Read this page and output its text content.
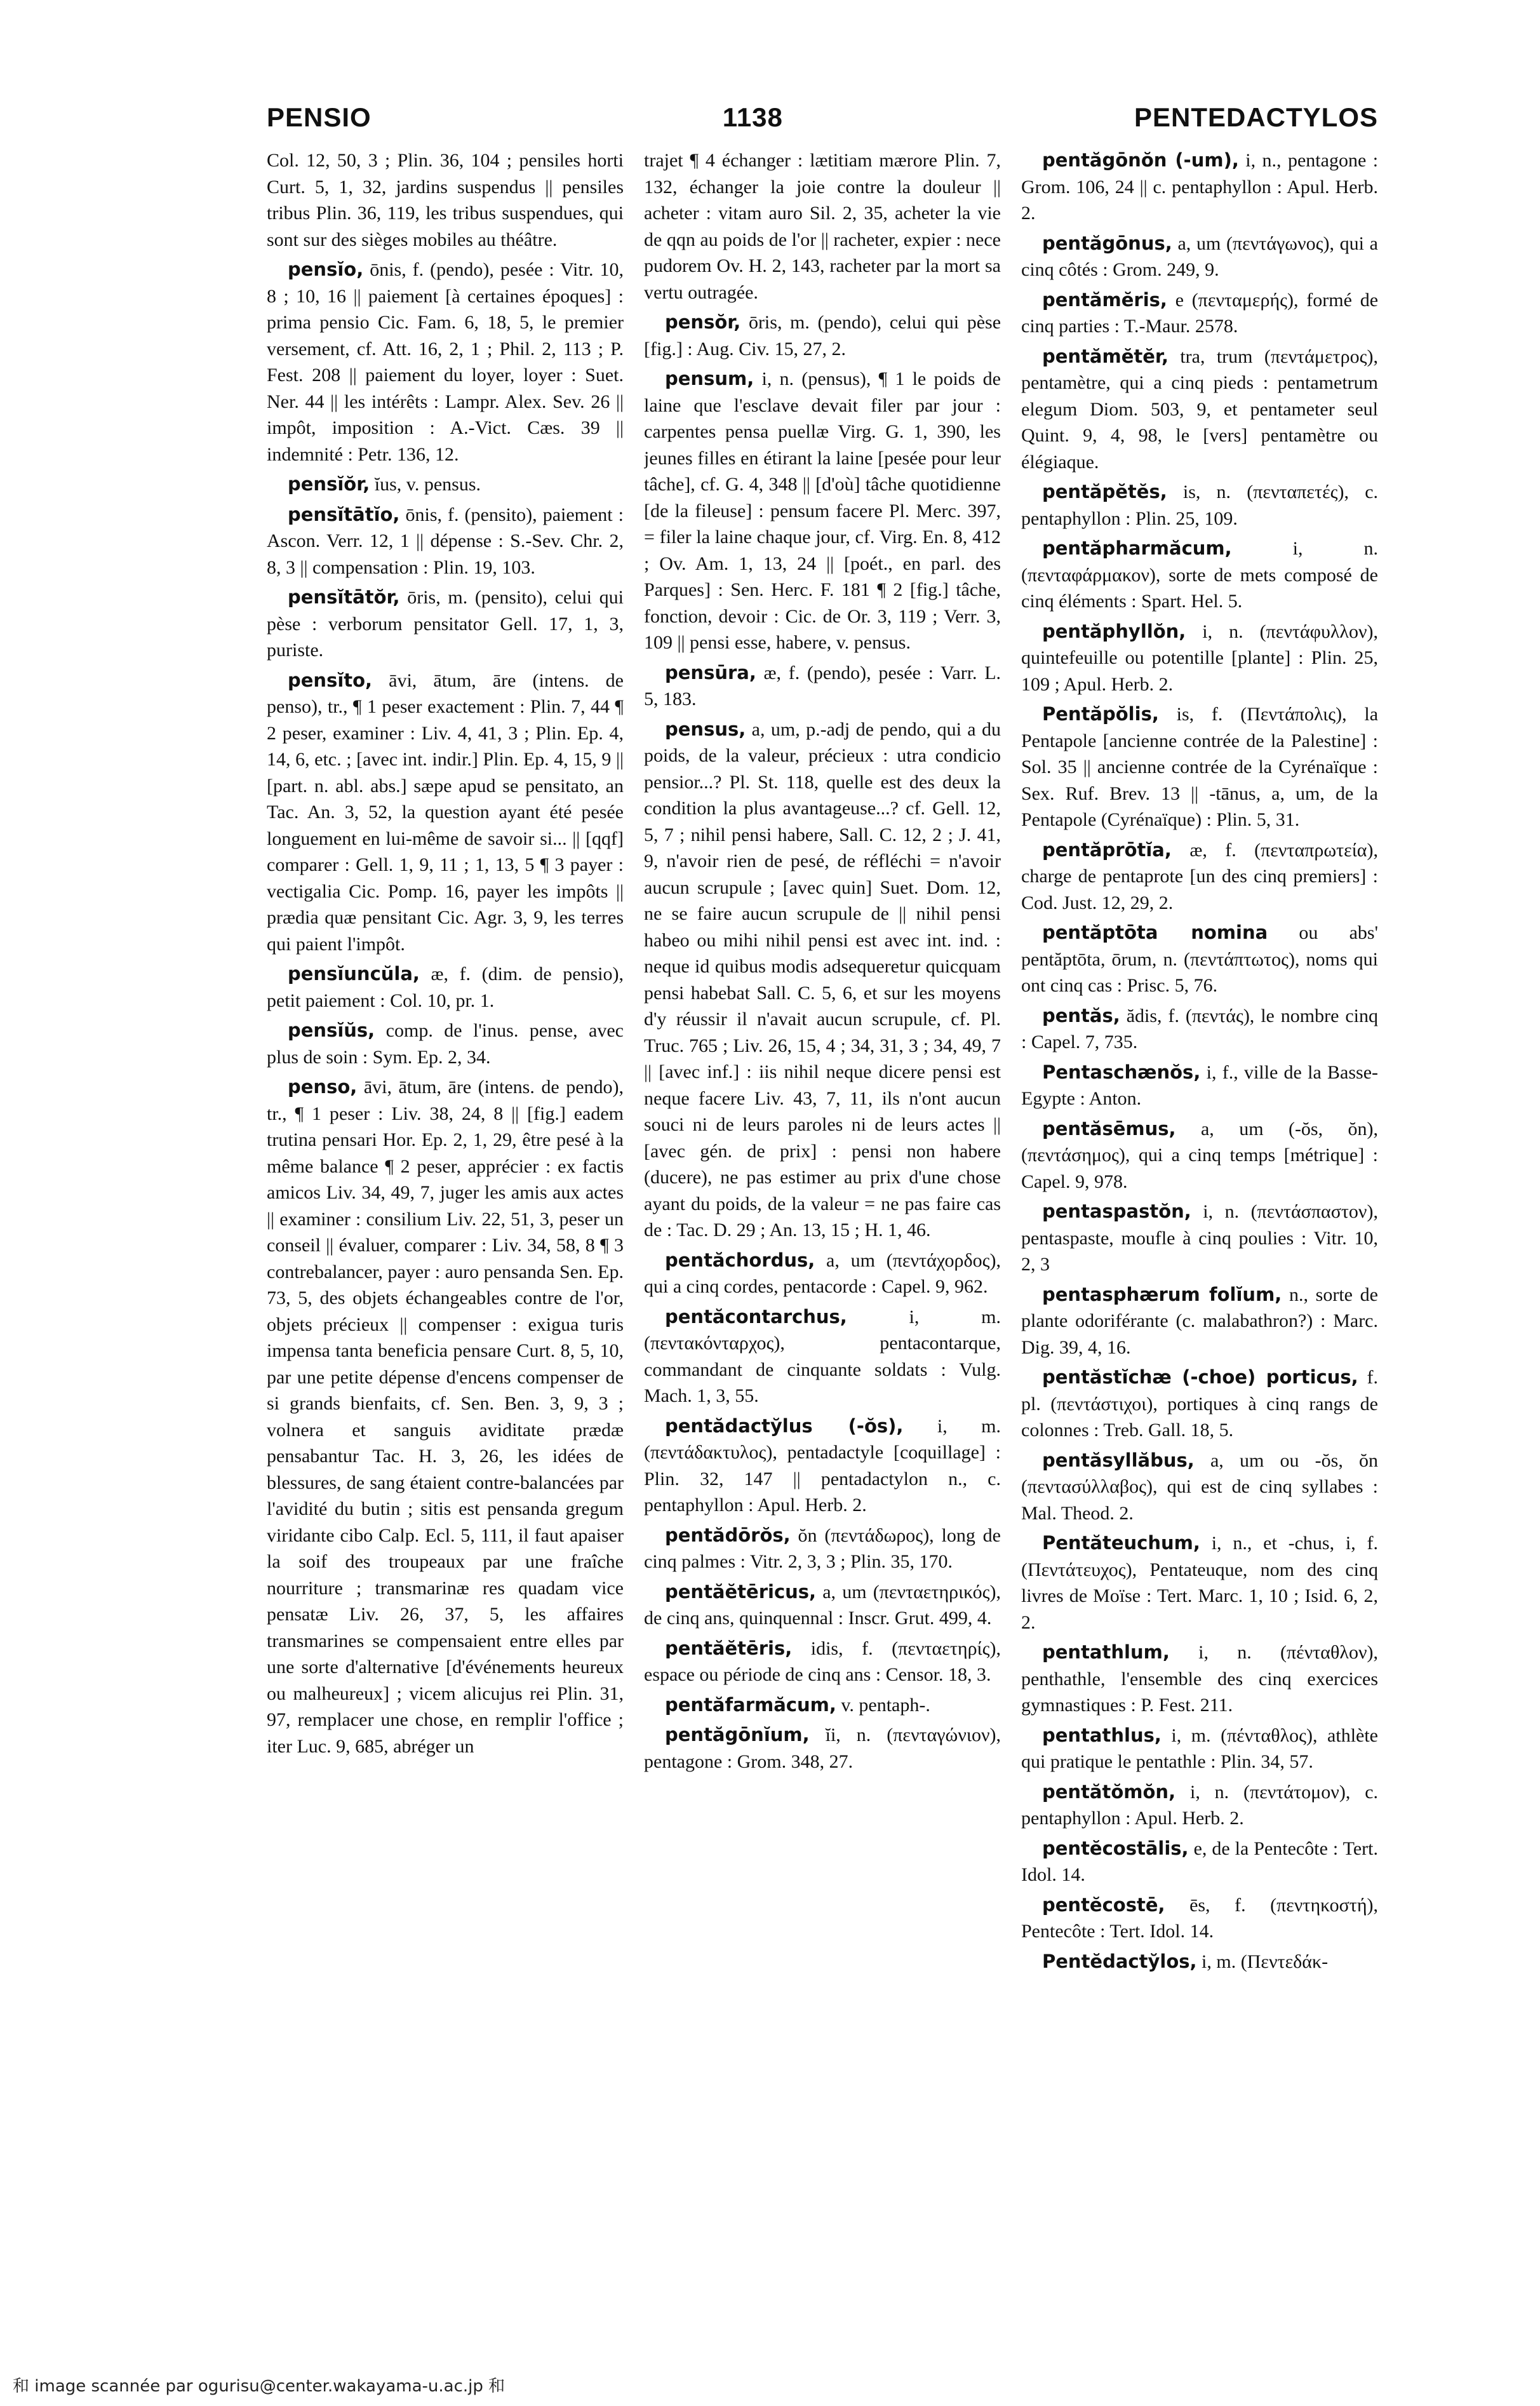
PENSIO	1138	PENTEDACTYLOS

Col. 12, 50, 3 ; Plin. 36, 104 ; pensiles horti Curt. 5, 1, 32, jardins suspendus || pensiles tribus Plin. 36, 119, les tribus suspendues, qui sont sur des sièges mobiles au théâtre.

pensĭo, ōnis, f. (pendo), pesée : Vitr. 10, 8 ; 10, 16 || paiement [à certaines époques] : prima pensio Cic. Fam. 6, 18, 5, le premier versement, cf. Att. 16, 2, 1 ; Phil. 2, 113 ; P. Fest. 208 || paiement du loyer, loyer : Suet. Ner. 44 || les intérêts : Lampr. Alex. Sev. 26 || impôt, imposition : A.-Vict. Cæs. 39 || indemnité : Petr. 136, 12.

pensĭŏr, ĭus, v. pensus.

pensĭtātĭo, ōnis, f. (pensito), paiement : Ascon. Verr. 12, 1 || dépense : S.-Sev. Chr. 2, 8, 3 || compensation : Plin. 19, 103.

pensĭtātŏr, ōris, m. (pensito), celui qui pèse : verborum pensitator Gell. 17, 1, 3, puriste.

pensĭto, āvi, ātum, āre (intens. de penso), tr., ¶ 1 peser exactement : Plin. 7, 44 ¶ 2 peser, examiner : Liv. 4, 41, 3 ; Plin. Ep. 4, 14, 6, etc. ; [avec int. indir.] Plin. Ep. 4, 15, 9 || [part. n. abl. abs.] sæpe apud se pensitato, an Tac. An. 3, 52, la question ayant été pesée longuement en lui-même de savoir si... || [qqf] comparer : Gell. 1, 9, 11 ; 1, 13, 5 ¶ 3 payer : vectigalia Cic. Pomp. 16, payer les impôts || prædia quæ pensitant Cic. Agr. 3, 9, les terres qui paient l'impôt.

pensĭuncŭla, æ, f. (dim. de pensio), petit paiement : Col. 10, pr. 1.

pensĭŭs, comp. de l'inus. pense, avec plus de soin : Sym. Ep. 2, 34.

penso, āvi, ātum, āre (intens. de pendo), tr., ¶ 1 peser : Liv. 38, 24, 8 || [fig.] eadem trutina pensari Hor. Ep. 2, 1, 29, être pesé à la même balance ¶ 2 peser, apprécier : ex factis amicos Liv. 34, 49, 7, juger les amis aux actes || examiner : consilium Liv. 22, 51, 3, peser un conseil || évaluer, comparer : Liv. 34, 58, 8 ¶ 3 contrebalancer, payer : auro pensanda Sen. Ep. 73, 5, des objets échangeables contre de l'or, objets précieux || compenser : exigua turis impensa tanta beneficia pensare Curt. 8, 5, 10, par une petite dépense d'encens compenser de si grands bienfaits, cf. Sen. Ben. 3, 9, 3 ; volnera et sanguis aviditate prædæ pensabantur Tac. H. 3, 26, les idées de blessures, de sang étaient contre-balancées par l'avidité du butin ; sitis est pensanda gregum viridante cibo Calp. Ecl. 5, 111, il faut apaiser la soif des troupeaux par une fraîche nourriture ; transmarinæ res quadam vice pensatæ Liv. 26, 37, 5, les affaires transmarines se compensaient entre elles par une sorte d'alternative [d'événements heureux ou malheureux] ; vicem alicujus rei Plin. 31, 97, remplacer une chose, en remplir l'office ; iter Luc. 9, 685, abréger un

trajet ¶ 4 échanger : lætitiam mærore Plin. 7, 132, échanger la joie contre la douleur || acheter : vitam auro Sil. 2, 35, acheter la vie de qqn au poids de l'or || racheter, expier : nece pudorem Ov. H. 2, 143, racheter par la mort sa vertu outragée.

pensŏr, ōris, m. (pendo), celui qui pèse [fig.] : Aug. Civ. 15, 27, 2.

pensum, i, n. (pensus), ¶ 1 le poids de laine que l'esclave devait filer par jour : carpentes pensa puellæ Virg. G. 1, 390, les jeunes filles en étirant la laine [pesée pour leur tâche], cf. G. 4, 348 || [d'où] tâche quotidienne [de la fileuse] : pensum facere Pl. Merc. 397, = filer la laine chaque jour, cf. Virg. En. 8, 412 ; Ov. Am. 1, 13, 24 || [poét., en parl. des Parques] : Sen. Herc. F. 181 ¶ 2 [fig.] tâche, fonction, devoir : Cic. de Or. 3, 119 ; Verr. 3, 109 || pensi esse, habere, v. pensus.

pensūra, æ, f. (pendo), pesée : Varr. L. 5, 183.

pensus, a, um, p.-adj de pendo, qui a du poids, de la valeur, précieux : utra condicio pensior...? Pl. St. 118, quelle est des deux la condition la plus avantageuse...? cf. Gell. 12, 5, 7 ; nihil pensi habere, Sall. C. 12, 2 ; J. 41, 9, n'avoir rien de pesé, de réfléchi = n'avoir aucun scrupule ; [avec quin] Suet. Dom. 12, ne se faire aucun scrupule de || nihil pensi habeo ou mihi nihil pensi est avec int. ind. : neque id quibus modis adsequeretur quicquam pensi habebat Sall. C. 5, 6, et sur les moyens d'y réussir il n'avait aucun scrupule, cf. Pl. Truc. 765 ; Liv. 26, 15, 4 ; 34, 31, 3 ; 34, 49, 7 || [avec inf.] : iis nihil neque dicere pensi est neque facere Liv. 43, 7, 11, ils n'ont aucun souci ni de leurs paroles ni de leurs actes || [avec gén. de prix] : pensi non habere (ducere), ne pas estimer au prix d'une chose ayant du poids, de la valeur = ne pas faire cas de : Tac. D. 29 ; An. 13, 15 ; H. 1, 46.

pentăchordus, a, um (πεντάχορδος), qui a cinq cordes, pentacorde : Capel. 9, 962.

pentăcontarchus,	i, m. (πεντακόνταρχος), pentacontarque, commandant de cinquante soldats : Vulg. Mach. 1, 3, 55.

pentădactўlus (-ŏs), i, m. (πεντάδακτυλος), pentadactyle [coquillage] : Plin. 32, 147 || pentadactylon n., c. pentaphyllon : Apul. Herb. 2.

pentădōrŏs, ŏn (πεντάδωρος), long de cinq palmes : Vitr. 2, 3, 3 ; Plin. 35, 170.

pentăĕtēricus, a, um (πενταετηρικός), de cinq ans, quinquennal : Inscr. Grut. 499, 4.

pentăĕtēris, idis, f. (πενταετηρίς), espace ou période de cinq ans : Censor. 18, 3.

pentăfarmăcum, v. pentaph-.

pentăgōnĭum, ĭi, n. (πενταγώνιον), pentagone : Grom. 348, 27.

pentăgōnŏn (-um), i, n., pentagone : Grom. 106, 24 || c. pentaphyllon : Apul. Herb. 2.

pentăgōnus, a, um (πεντάγωνος), qui a cinq côtés : Grom. 249, 9.

pentămĕris, e (πενταμερής), formé de cinq parties : T.-Maur. 2578.

pentămĕtĕr, tra, trum (πεντάμετρος), pentamètre, qui a cinq pieds : pentametrum elegum Diom. 503, 9, et pentameter seul Quint. 9, 4, 98, le [vers] pentamètre ou élégiaque.

pentăpĕtĕs, is, n. (πενταπετές), c. pentaphyllon : Plin. 25, 109.

pentăpharmăcum,	i, n. (πενταφάρμακον), sorte de mets composé de cinq éléments : Spart. Hel. 5.

pentăphyllŏn, i, n. (πεντάφυλλον), quintefeuille ou potentille [plante] : Plin. 25, 109 ; Apul. Herb. 2.

Pentăpŏlis, is, f. (Πεντάπολις), la Pentapole [ancienne contrée de la Palestine] : Sol. 35 || ancienne contrée de la Cyrénaïque : Sex. Ruf. Brev. 13 || -tānus, a, um, de la Pentapole (Cyrénaïque) : Plin. 5, 31.

pentăprōtĭa, æ, f. (πενταπρωτεία), charge de pentaprote [un des cinq premiers] : Cod. Just. 12, 29, 2.

pentăptōta nomina ou abs' pentăptōta, ōrum, n. (πεντάπτωτος), noms qui ont cinq cas : Prisc. 5, 76.

pentăs, ădis, f. (πεντάς), le nombre cinq : Capel. 7, 735.

Pentaschænŏs, i, f., ville de la Basse-Egypte : Anton.

pentăsēmus, a, um (-ŏs, ŏn), (πεντάσημος), qui a cinq temps [métrique] : Capel. 9, 978.

pentaspastŏn, i, n. (πεντάσπαστον), pentaspaste, moufle à cinq poulies : Vitr. 10, 2, 3

pentasphærum folĭum, n., sorte de plante odoriférante (c. malabathron?) : Marc. Dig. 39, 4, 16.

pentăstĭchæ (-choe) porticus, f. pl. (πεντάστιχοι), portiques à cinq rangs de colonnes : Treb. Gall. 18, 5.

pentăsyllăbus, a, um ou -ŏs, ŏn (πεντασύλλαβος), qui est de cinq syllabes : Mal. Theod. 2.

Pentăteuchum, i, n., et -chus, i, f. (Πεντάτευχος), Pentateuque, nom des cinq livres de Moïse : Tert. Marc. 1, 10 ; Isid. 6, 2, 2.

pentathlum, i, n. (πένταθλον), penthathle, l'ensemble des cinq exercices gymnastiques : P. Fest. 211.

pentathlus, i, m. (πένταθλος), athlète qui pratique le pentathle : Plin. 34, 57.

pentătŏmŏn, i, n. (πεντάτομον), c. pentaphyllon : Apul. Herb. 2.

pentĕcostālis, e, de la Pentecôte : Tert. Idol. 14.

pentĕcostē, ēs, f. (πεντηκοστή), Pentecôte : Tert. Idol. 14.

Pentĕdactўlos, i, m. (Πεντεδάκ-

和 image scannée par ogurisu@center.wakayama-u.ac.jp 和
